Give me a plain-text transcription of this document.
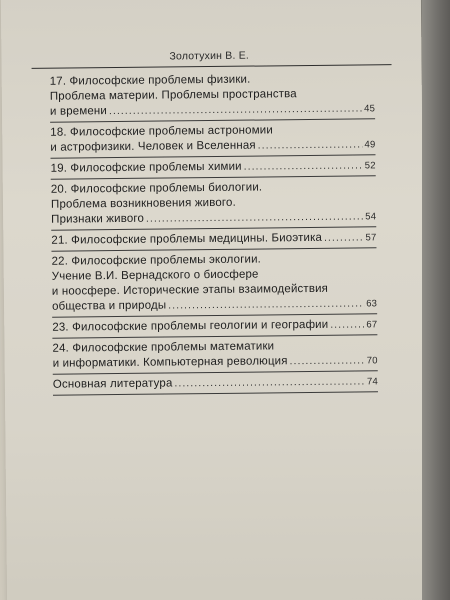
Золотухин В. Е.
17. Философские проблемы физики.
Проблема материи. Проблемы пространства
и времени .....	45
18. Философские проблемы астрономии
и астрофизики. Человек и Вселенная .....	49
19. Философские проблемы химии .....	52
20. Философские проблемы биологии.
Проблема возникновения живого.
Признаки живого .....	54
21. Философские проблемы медицины. Биоэтика .....	57
22. Философские проблемы экологии.
Учение В.И. Вернадского о биосфере
и ноосфере. Исторические этапы взаимодействия
общества и природы .....	63
23. Философские проблемы геологии и географии .....	67
24. Философские проблемы математики
и информатики. Компьютерная революция .....	70
Основная литература .....	74
